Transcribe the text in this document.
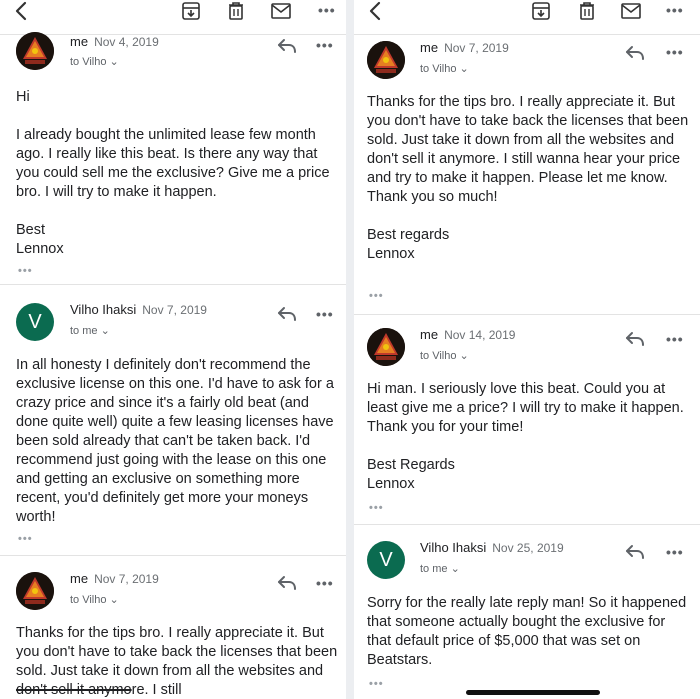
•••
me Nov 4, 2019
to Vilho ⌄
•••
Hi

I already bought the unlimited lease few month ago. I really like this beat. Is there any way that you could sell me the exclusive? Give me a price bro. I will try to make it happen.

Best
Lennox
•••
V
Vilho Ihaksi Nov 7, 2019
to me ⌄
•••
In all honesty I definitely don't recommend the exclusive license on this one. I'd have to ask for a crazy price and since it's a fairly old beat (and done quite well) quite a few leasing licenses have been sold already that can't be taken back. I'd recommend just going with the lease on this one and getting an exclusive on something more recent, you'd definitely get more your moneys worth!
•••
me Nov 7, 2019
to Vilho ⌄
•••
Thanks for the tips bro. I really appreciate it. But you don't have to take back the licenses that been sold. Just take it down from all the websites and don't sell it anymore. I still
•••
me Nov 7, 2019
to Vilho ⌄
•••
Thanks for the tips bro. I really appreciate it. But you don't have to take back the licenses that been sold. Just take it down from all the websites and don't sell it anymore. I still wanna hear your price and try to make it happen. Please let me know. Thank you so much!

Best regards
Lennox
•••
me Nov 14, 2019
to Vilho ⌄
•••
Hi man. I seriously love this beat. Could you at least give me a price? I will try to make it happen. Thank you for your time!

Best Regards
Lennox
•••
V
Vilho Ihaksi Nov 25, 2019
to me ⌄
•••
Sorry for the really late reply man! So it happened that someone actually bought the exclusive for that default price of $5,000 that was set on Beatstars.
•••
